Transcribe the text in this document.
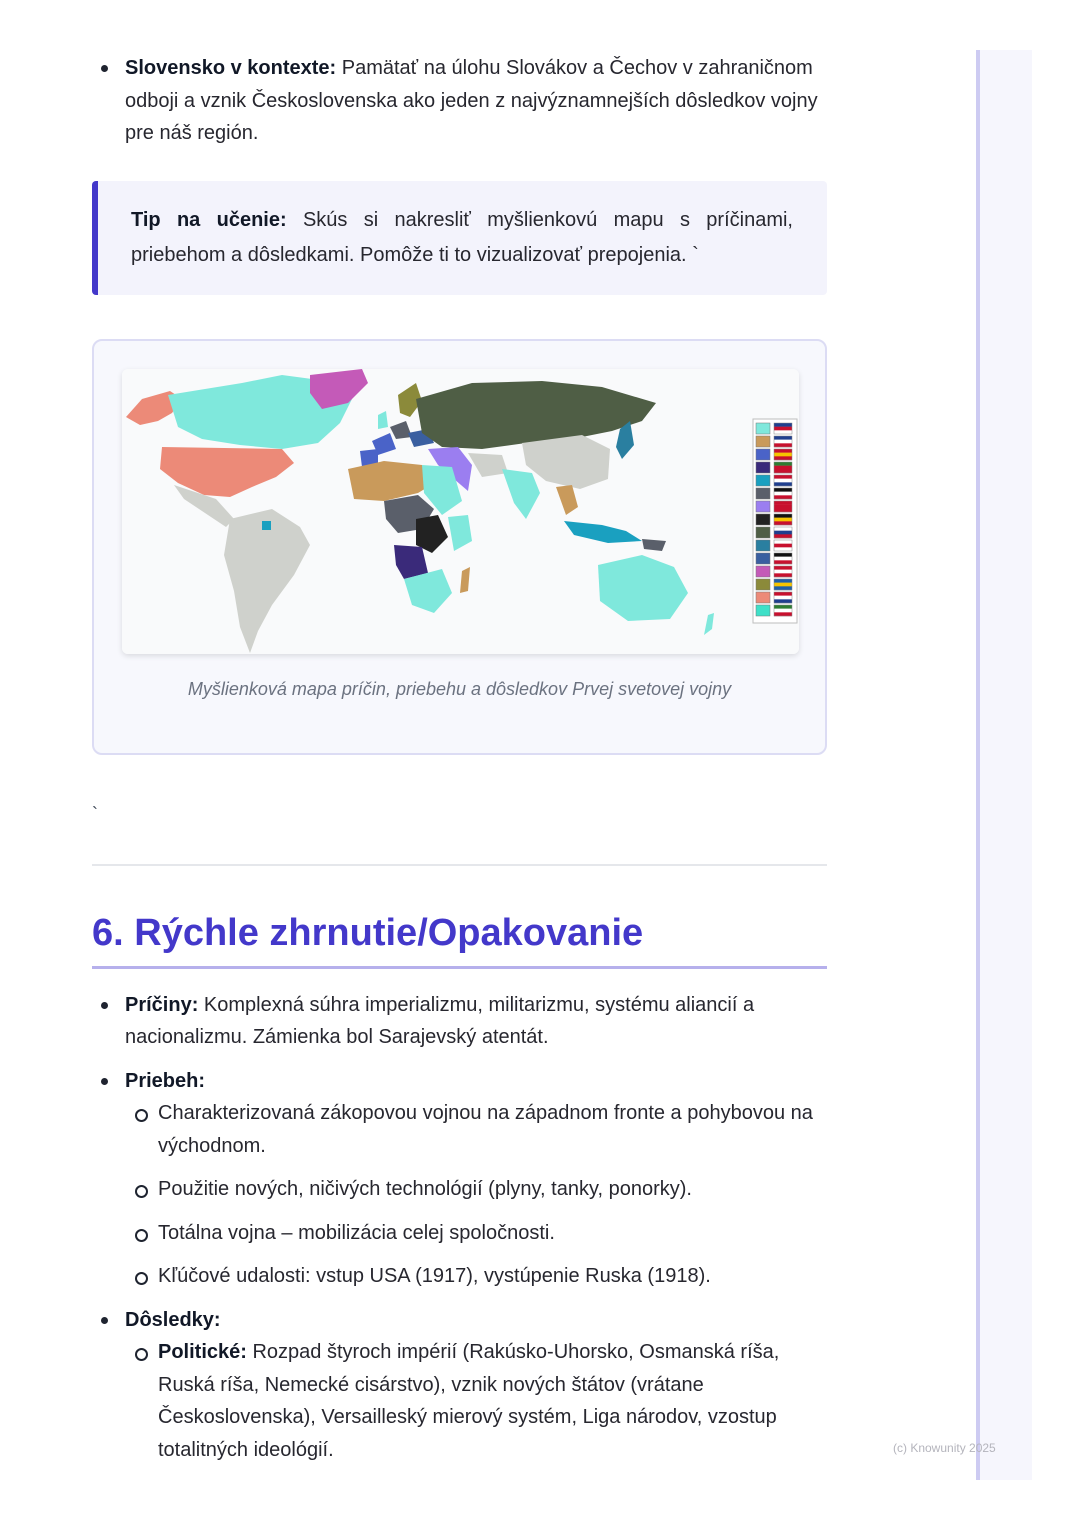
Slovensko v kontexte: Pamätať na úlohu Slovákov a Čechov v zahraničnom odboji a vznik Československa ako jeden z najvýznamnejších dôsledkov vojny pre náš región.
Tip na učenie: Skús si nakresliť myšlienkovú mapu s príčinami, priebehom a dôsledkami. Pomôže ti to vizualizovať prepojenia. `
Myšlienková mapa príčin, priebehu a dôsledkov Prvej svetovej vojny
`
6. Rýchle zhrnutie/Opakovanie
Príčiny: Komplexná súhra imperializmu, militarizmu, systému aliancií a nacionalizmu. Zámienka bol Sarajevský atentát.
Priebeh:
Charakterizovaná zákopovou vojnou na západnom fronte a pohybovou na východnom.
Použitie nových, ničivých technológií (plyny, tanky, ponorky).
Totálna vojna – mobilizácia celej spoločnosti.
Kľúčové udalosti: vstup USA (1917), vystúpenie Ruska (1918).
Dôsledky:
Politické: Rozpad štyroch impérií (Rakúsko-Uhorsko, Osmanská ríša, Ruská ríša, Nemecké cisárstvo), vznik nových štátov (vrátane Československa), Versailleský mierový systém, Liga národov, vzostup totalitných ideológií.	(c) Knowunity 2025
